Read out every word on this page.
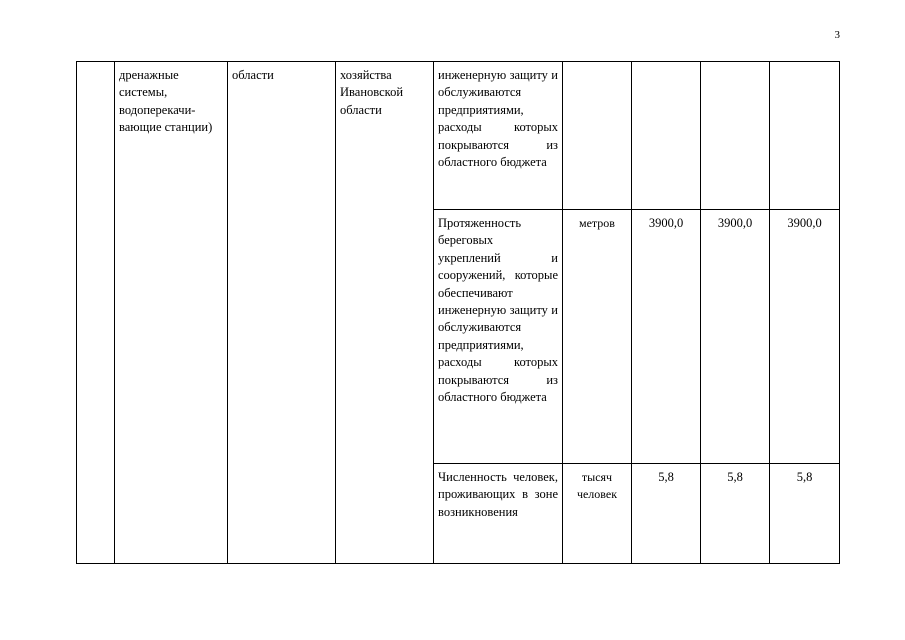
3
	дренажные системы, водоперекачи-вающие станции)	области	хозяйства Ивановской области	инженерную защиту и обслуживаются предприятиями, расходы которых покрываются из областного бюджета				
				Протяженность береговых укреплений и сооружений, которые обеспечивают инженерную защиту и обслуживаются предприятиями, расходы которых покрываются из областного бюджета	метров	3900,0	3900,0	3900,0
				Численность человек, проживающих в зоне возникновения	тысяч человек	5,8	5,8	5,8
